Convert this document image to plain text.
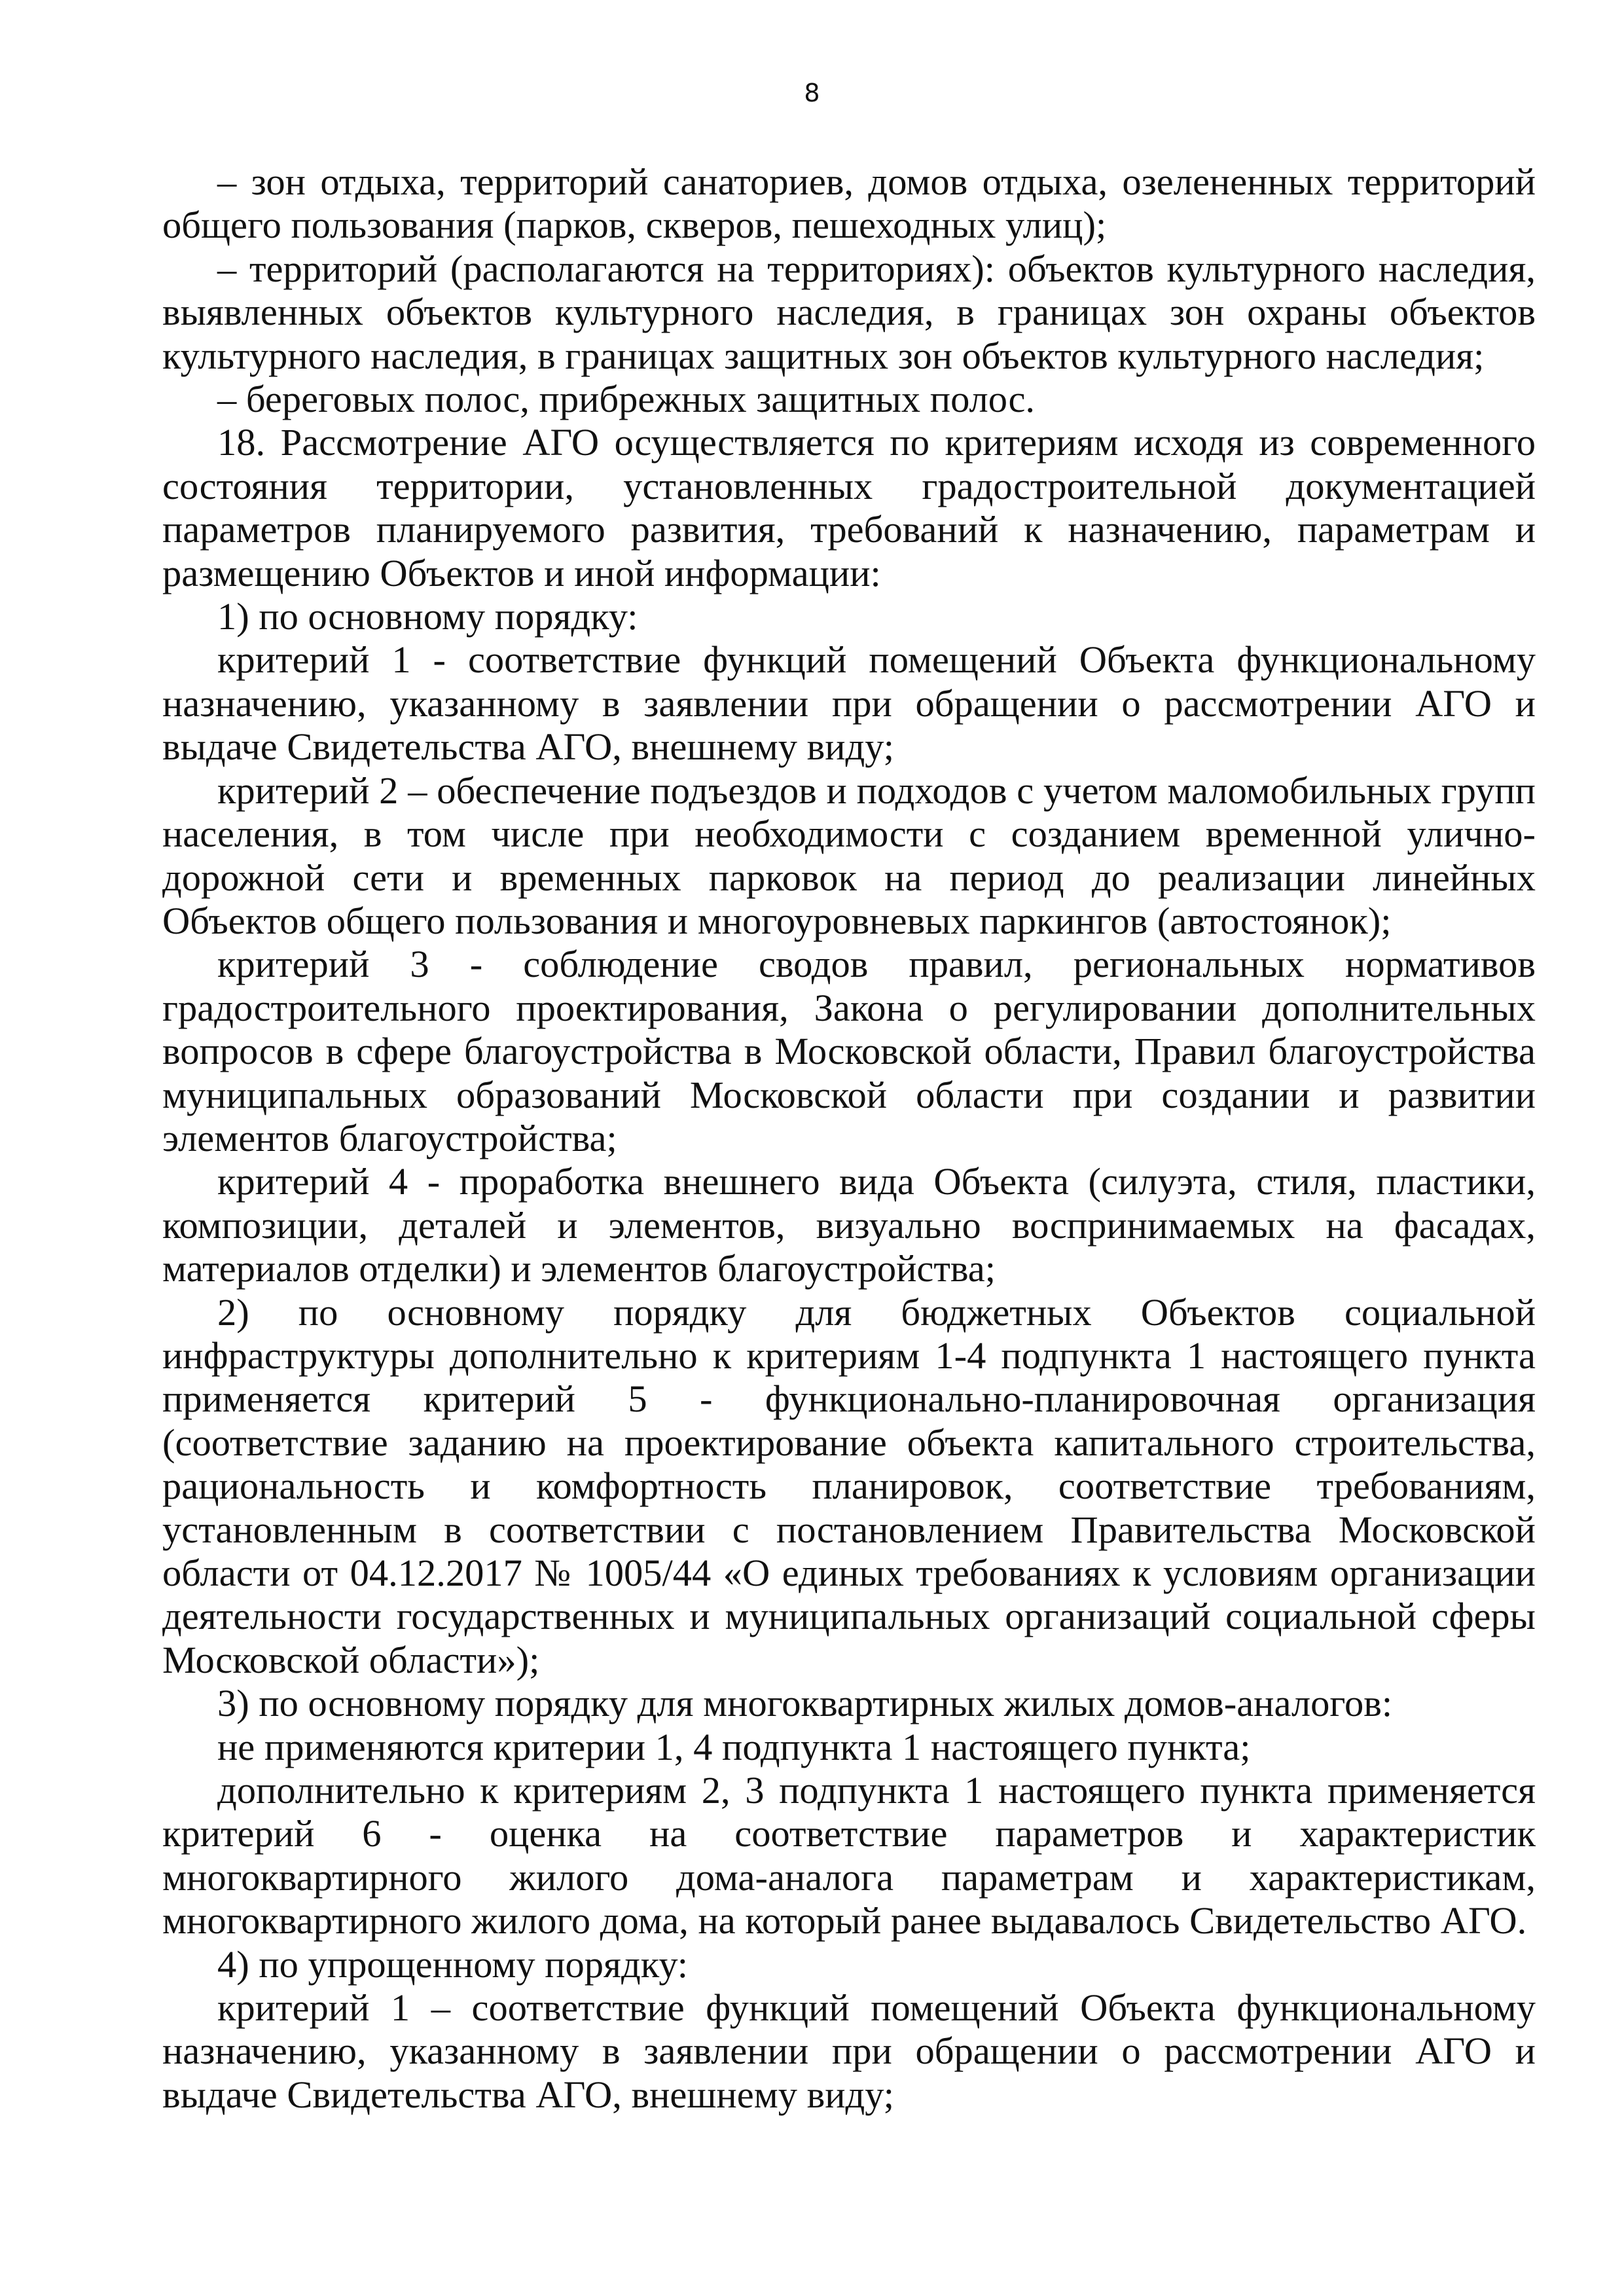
8

– зон отдыха, территорий санаториев, домов отдыха, озелененных территорий общего пользования (парков, скверов, пешеходных улиц);

– территорий (располагаются на территориях): объектов культурного наследия, выявленных объектов культурного наследия, в границах зон охраны объектов культурного наследия, в границах защитных зон объектов культурного наследия;

– береговых полос, прибрежных защитных полос.

18. Рассмотрение АГО осуществляется по критериям исходя из современного состояния территории, установленных градостроительной документацией параметров планируемого развития, требований к назначению, параметрам и размещению Объектов и иной информации:

1) по основному порядку:

критерий 1 - соответствие функций помещений Объекта функциональному назначению, указанному в заявлении при обращении о рассмотрении АГО и выдаче Свидетельства АГО, внешнему виду;

критерий 2 – обеспечение подъездов и подходов с учетом маломобильных групп населения, в том числе при необходимости с созданием временной улично-дорожной сети и временных парковок на период до реализации линейных Объектов общего пользования и многоуровневых паркингов (автостоянок);

критерий 3 - соблюдение сводов правил, региональных нормативов градостроительного проектирования, Закона о регулировании дополнительных вопросов в сфере благоустройства в Московской области, Правил благоустройства муниципальных образований Московской области при создании и развитии элементов благоустройства;

критерий 4 - проработка внешнего вида Объекта (силуэта, стиля, пластики, композиции, деталей и элементов, визуально воспринимаемых на фасадах, материалов отделки) и элементов благоустройства;

2) по основному порядку для бюджетных Объектов социальной инфраструктуры дополнительно к критериям 1-4 подпункта 1 настоящего пункта применяется критерий 5 - функционально-планировочная организация (соответствие заданию на проектирование объекта капитального строительства, рациональность и комфортность планировок, соответствие требованиям, установленным в соответствии с постановлением Правительства Московской области от 04.12.2017 № 1005/44 «О единых требованиях к условиям организации деятельности государственных и муниципальных организаций социальной сферы Московской области»);

3) по основному порядку для многоквартирных жилых домов-аналогов:

не применяются критерии 1, 4 подпункта 1 настоящего пункта;

дополнительно к критериям 2, 3 подпункта 1 настоящего пункта применяется критерий 6 - оценка на соответствие параметров и характеристик многоквартирного жилого дома-аналога параметрам и характеристикам, многоквартирного жилого дома, на который ранее выдавалось Свидетельство АГО.

4) по упрощенному порядку:

критерий 1 – соответствие функций помещений Объекта функциональному назначению, указанному в заявлении при обращении о рассмотрении АГО и выдаче Свидетельства АГО, внешнему виду;
